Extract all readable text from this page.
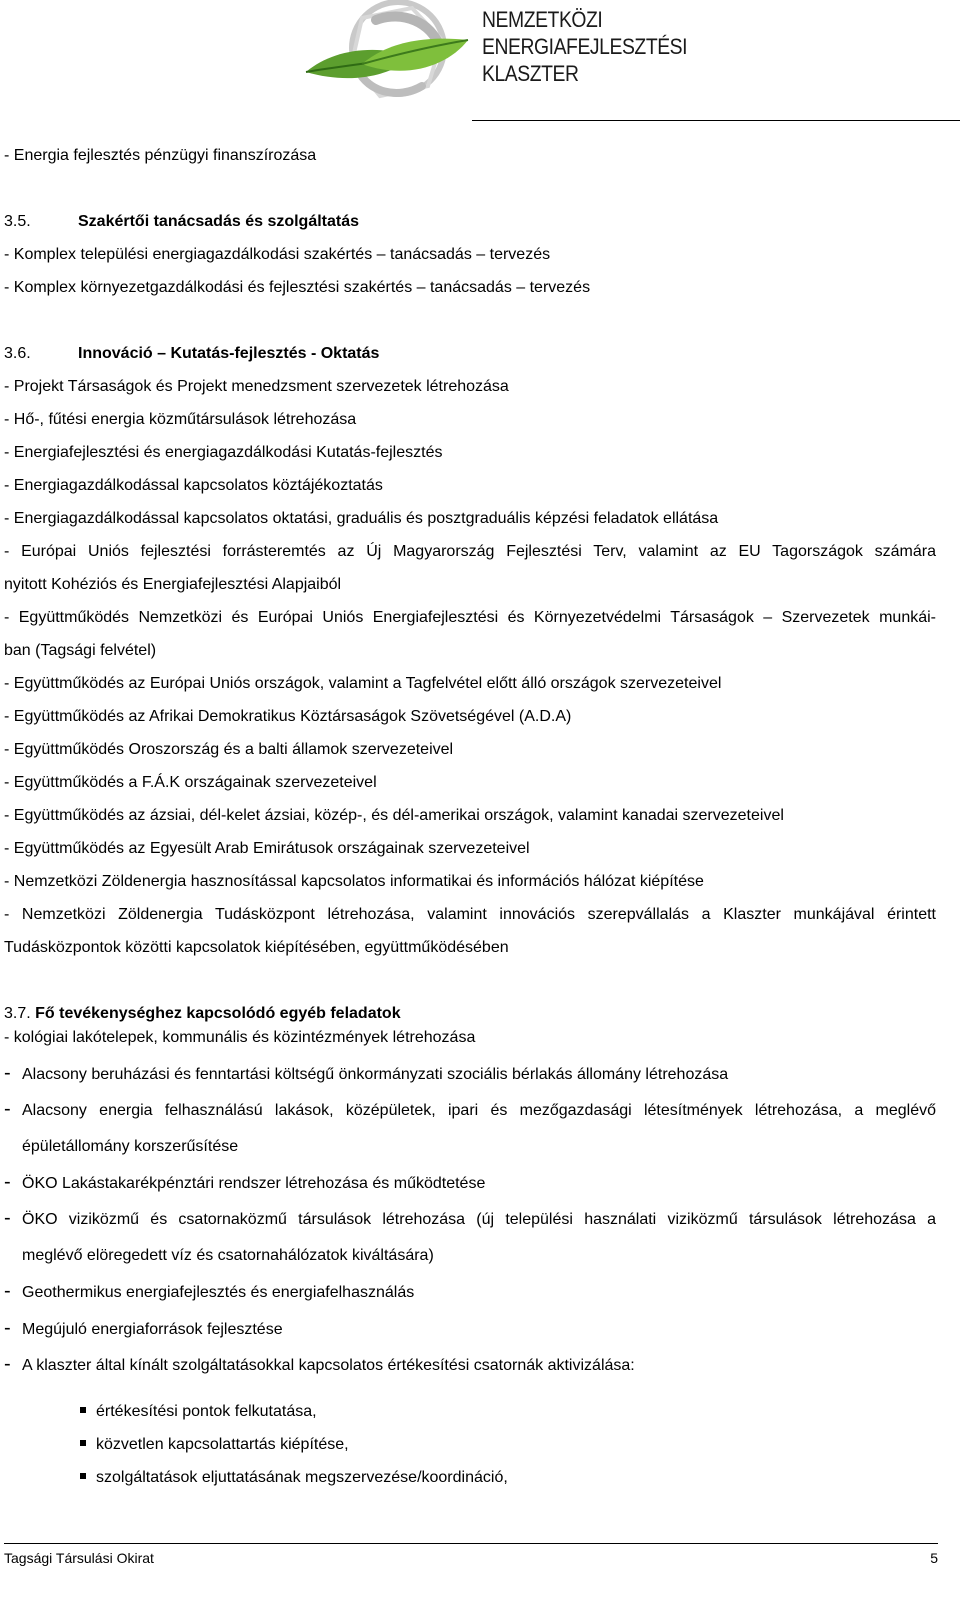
NEMZETKÖZI
ENERGIAFEJLESZTÉSI
KLASZTER
- Energia fejlesztés pénzügyi finanszírozása
3.5.	Szakértői tanácsadás és szolgáltatás
- Komplex települési energiagazdálkodási szakértés – tanácsadás – tervezés
- Komplex környezetgazdálkodási és fejlesztési szakértés – tanácsadás – tervezés
3.6.	Innováció – Kutatás-fejlesztés - Oktatás
- Projekt Társaságok és Projekt menedzsment szervezetek létrehozása
- Hő-, fűtési energia közműtársulások létrehozása
- Energiafejlesztési és energiagazdálkodási Kutatás-fejlesztés
- Energiagazdálkodással kapcsolatos köztájékoztatás
- Energiagazdálkodással kapcsolatos oktatási, graduális és posztgraduális képzési feladatok ellátása
- Európai Uniós fejlesztési forrásteremtés az Új Magyarország Fejlesztési Terv, valamint az EU Tagországok számára
nyitott Kohéziós és Energiafejlesztési Alapjaiból
- Együttműködés Nemzetközi és Európai Uniós Energiafejlesztési és Környezetvédelmi Társaságok – Szervezetek munkái-
ban (Tagsági felvétel)
- Együttműködés az Európai Uniós országok, valamint a Tagfelvétel előtt álló országok szervezeteivel
- Együttműködés az Afrikai Demokratikus Köztársaságok Szövetségével (A.D.A)
- Együttműködés Oroszország és a balti államok szervezeteivel
- Együttműködés a F.Á.K országainak szervezeteivel
- Együttműködés az ázsiai, dél-kelet ázsiai, közép-, és dél-amerikai országok, valamint kanadai szervezeteivel
- Együttműködés az Egyesült Arab Emirátusok országainak szervezeteivel
- Nemzetközi Zöldenergia hasznosítással kapcsolatos informatikai és információs hálózat kiépítése
- Nemzetközi Zöldenergia Tudásközpont létrehozása, valamint innovációs szerepvállalás a Klaszter munkájával érintett
Tudásközpontok közötti kapcsolatok kiépítésében, együttműködésében
3.7. Fő tevékenységhez kapcsolódó egyéb feladatok
- kológiai lakótelepek, kommunális és közintézmények létrehozása
- Alacsony beruházási és fenntartási költségű önkormányzati szociális bérlakás állomány létrehozása
- Alacsony energia felhasználású lakások, középületek, ipari és mezőgazdasági létesítmények létrehozása, a meglévő
épületállomány korszerűsítése
- ÖKO Lakástakarékpénztári rendszer létrehozása és működtetése
- ÖKO viziközmű és csatornaközmű társulások létrehozása (új települési használati viziközmű társulások létrehozása a
meglévő elöregedett víz és csatornahálózatok kiváltására)
- Geothermikus energiafejlesztés és energiafelhasználás
- Megújuló energiaforrások fejlesztése
- A klaszter által kínált szolgáltatásokkal kapcsolatos értékesítési csatornák aktivizálása:
értékesítési pontok felkutatása,
közvetlen kapcsolattartás kiépítése,
szolgáltatások eljuttatásának megszervezése/koordináció,
Tagsági Társulási Okirat	5
